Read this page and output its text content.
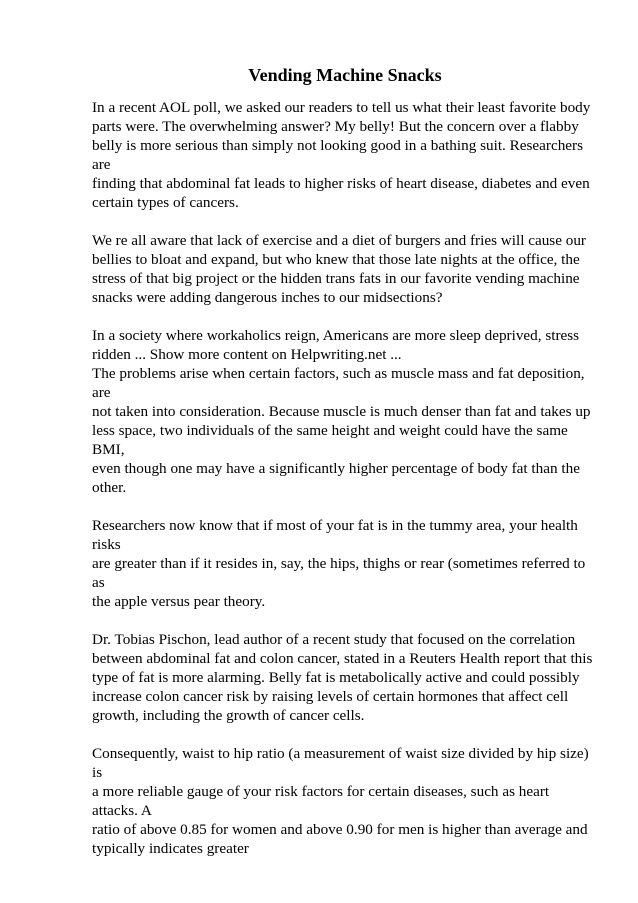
Vending Machine Snacks

In a recent AOL poll, we asked our readers to tell us what their least favorite body
parts were. The overwhelming answer? My belly! But the concern over a flabby
belly is more serious than simply not looking good in a bathing suit. Researchers are
finding that abdominal fat leads to higher risks of heart disease, diabetes and even
certain types of cancers.

We re all aware that lack of exercise and a diet of burgers and fries will cause our
bellies to bloat and expand, but who knew that those late nights at the office, the
stress of that big project or the hidden trans fats in our favorite vending machine
snacks were adding dangerous inches to our midsections?

In a society where workaholics reign, Americans are more sleep deprived, stress
ridden ... Show more content on Helpwriting.net ...

The problems arise when certain factors, such as muscle mass and fat deposition, are
not taken into consideration. Because muscle is much denser than fat and takes up
less space, two individuals of the same height and weight could have the same BMI,
even though one may have a significantly higher percentage of body fat than the other.

Researchers now know that if most of your fat is in the tummy area, your health risks
are greater than if it resides in, say, the hips, thighs or rear (sometimes referred to as
the apple versus pear theory.

Dr. Tobias Pischon, lead author of a recent study that focused on the correlation
between abdominal fat and colon cancer, stated in a Reuters Health report that this
type of fat is more alarming. Belly fat is metabolically active and could possibly
increase colon cancer risk by raising levels of certain hormones that affect cell
growth, including the growth of cancer cells.

Consequently, waist to hip ratio (a measurement of waist size divided by hip size) is
a more reliable gauge of your risk factors for certain diseases, such as heart attacks. A
ratio of above 0.85 for women and above 0.90 for men is higher than average and
typically indicates greater
